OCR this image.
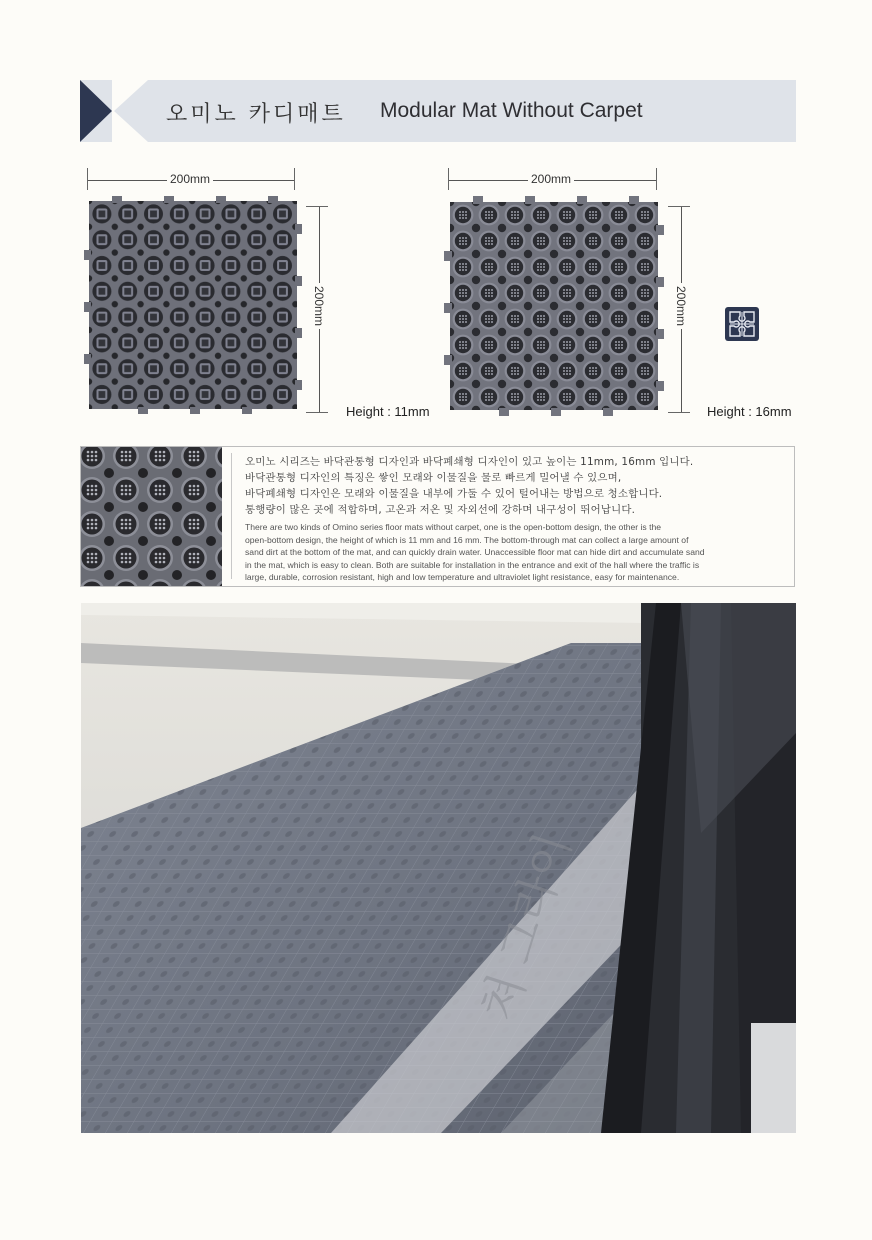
오미노 카디매트 Modular Mat Without Carpet
200mm
200mm
Height : 11mm
200mm
200mm
Height : 16mm
오미노 시리즈는 바닥관통형 디자인과 바닥폐쇄형 디자인이 있고 높이는 11mm, 16mm 입니다.
바닥관통형 디자인의 특징은 쌓인 모래와 이물질을 물로 빠르게 밀어낼 수 있으며,
바닥폐쇄형 디자인은 모래와 이물질을 내부에 가둘 수 있어 털어내는 방법으로 청소합니다.
통행량이 많은 곳에 적합하며, 고온과 저온 및 자외선에 강하며 내구성이 뛰어납니다.
There are two kinds of Omino series floor mats without carpet, one is the open-bottom design, the other is the
open-bottom design, the height of which is 11 mm and 16 mm. The bottom-through mat can collect a large amount of
sand dirt at the bottom of the mat, and can quickly drain water. Unaccessible floor mat can hide dirt and accumulate sand
in the mat, which is easy to clean. Both are suitable for installation in the entrance and exit of the hall where the traffic is
large, durable, corrosion resistant, high and low temperature and ultraviolet light resistance, easy for maintenance.
쳐 그라이
